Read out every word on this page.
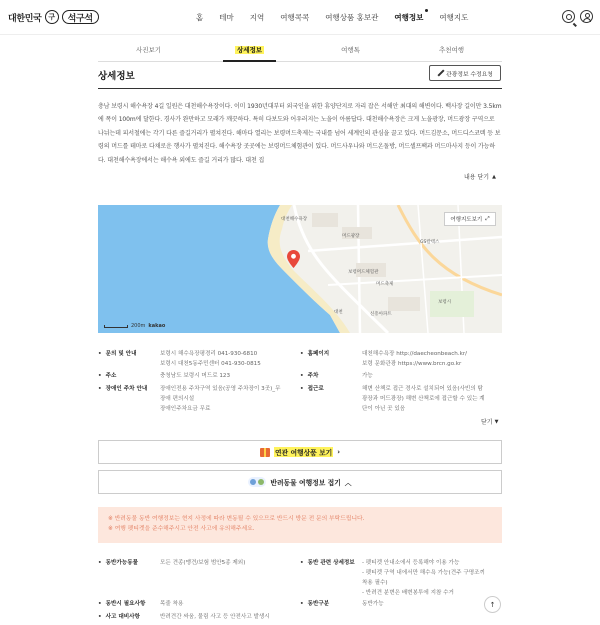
대한민국 구	석구석	홈 테마 지역 여행콕콕 여행상품 홍보관 여행정보 여행지도
사진보기	상세정보	여행톡	추천여행
상세정보	관광정보 수정요청

충남 보령시 해수욕장 4길 일원은 대천해수욕장이다. 이미 1930년대부터 외국인을 위한 휴양단지로 자리 잡은 서해안 최대의 해변이다. 백사장 길이만 3.5km에 폭이 100m에 달한다. 경사가 완만하고 모래가 깨끗하다. 특히 다보도와 어우러지는 노을이 아름답다. 대천해수욕장은 크게 노을광장, 머드광장 구역으로 나뉘는데 피서철에는 각기 다른 즐길거리가 펼쳐진다. 해마다 열리는 보령머드축제는 국내를 넘어 세계인의 관심을 끌고 있다. 머드김문소, 머드디스코텍 등 보령의 머드를 테마로 다채로운 행사가 펼쳐진다. 해수욕장 곳곳에는 보령머드체험관이 있다. 머드사우나와 머드온돌방, 머드셀프팩과 머드마사지 등이 가능하다. 대천해수욕장에서는 해수욕 외에도 즐길 거리가 많다. 대천 집

내용 닫기 ▲
대천해수욕장
머드광장
보령머드체험관
GS칼텍스
대천	신흥아파트
보령시
머드축제
여행지도보기 ⤢
200m kakao
• 문의 및 안내	보령시 해수욕장평경리 041-930-6810
보령시 대천5동주민센터 041-930-0815
• 홈페이지	대천해수욕장 http://daecheonbeach.kr/
보령 문화관광 https://www.brcn.go.kr
• 주소	충청남도 보령시 머드로 123	• 주차	가능
• 장애인 주차 안내 장애인전용 주차구역 있음(공영 주차장이 3곳)_무
장애 편의시설
장애인주차요금 무료
• 접근로	해변 산책로 접근 경사로 설치되어 있음(사빈의 탐
광장과 머드광장) 해변 산책로에 접근할 수 있는 계
단이 아닌 곳 있음
닫기 ▼
연관 여행상품 보기 ›
반려동물 여행정보 접기 ︿
※ 반려동물 동반 여행정보는 현지 사정에 따라 변동될 수 있으므로 반드시 방문 전 문의 부탁드립니다.
※ 여행 펫티켓을 준수해주시고 안전 사고에 유의해주세요.
• 동반가능동물	모든 견종(맹견/보험 범안5종 제외)	• 동반 관련 상세정보 - 펫티켓 안내소에서 등록해야 이용 가능
- 펫티켓 구역 내에서만 해수욕 가능(견주 구명조끼
착용 필수)
- 반려견 분변은 배변봉투에 지참 수거
• 동반시 필요사항	목줄 착용	• 동반구분	동반가능
• 사고 대비사항	반려견간 싸움, 물림 사고 등 안전사고 발생시
↑
